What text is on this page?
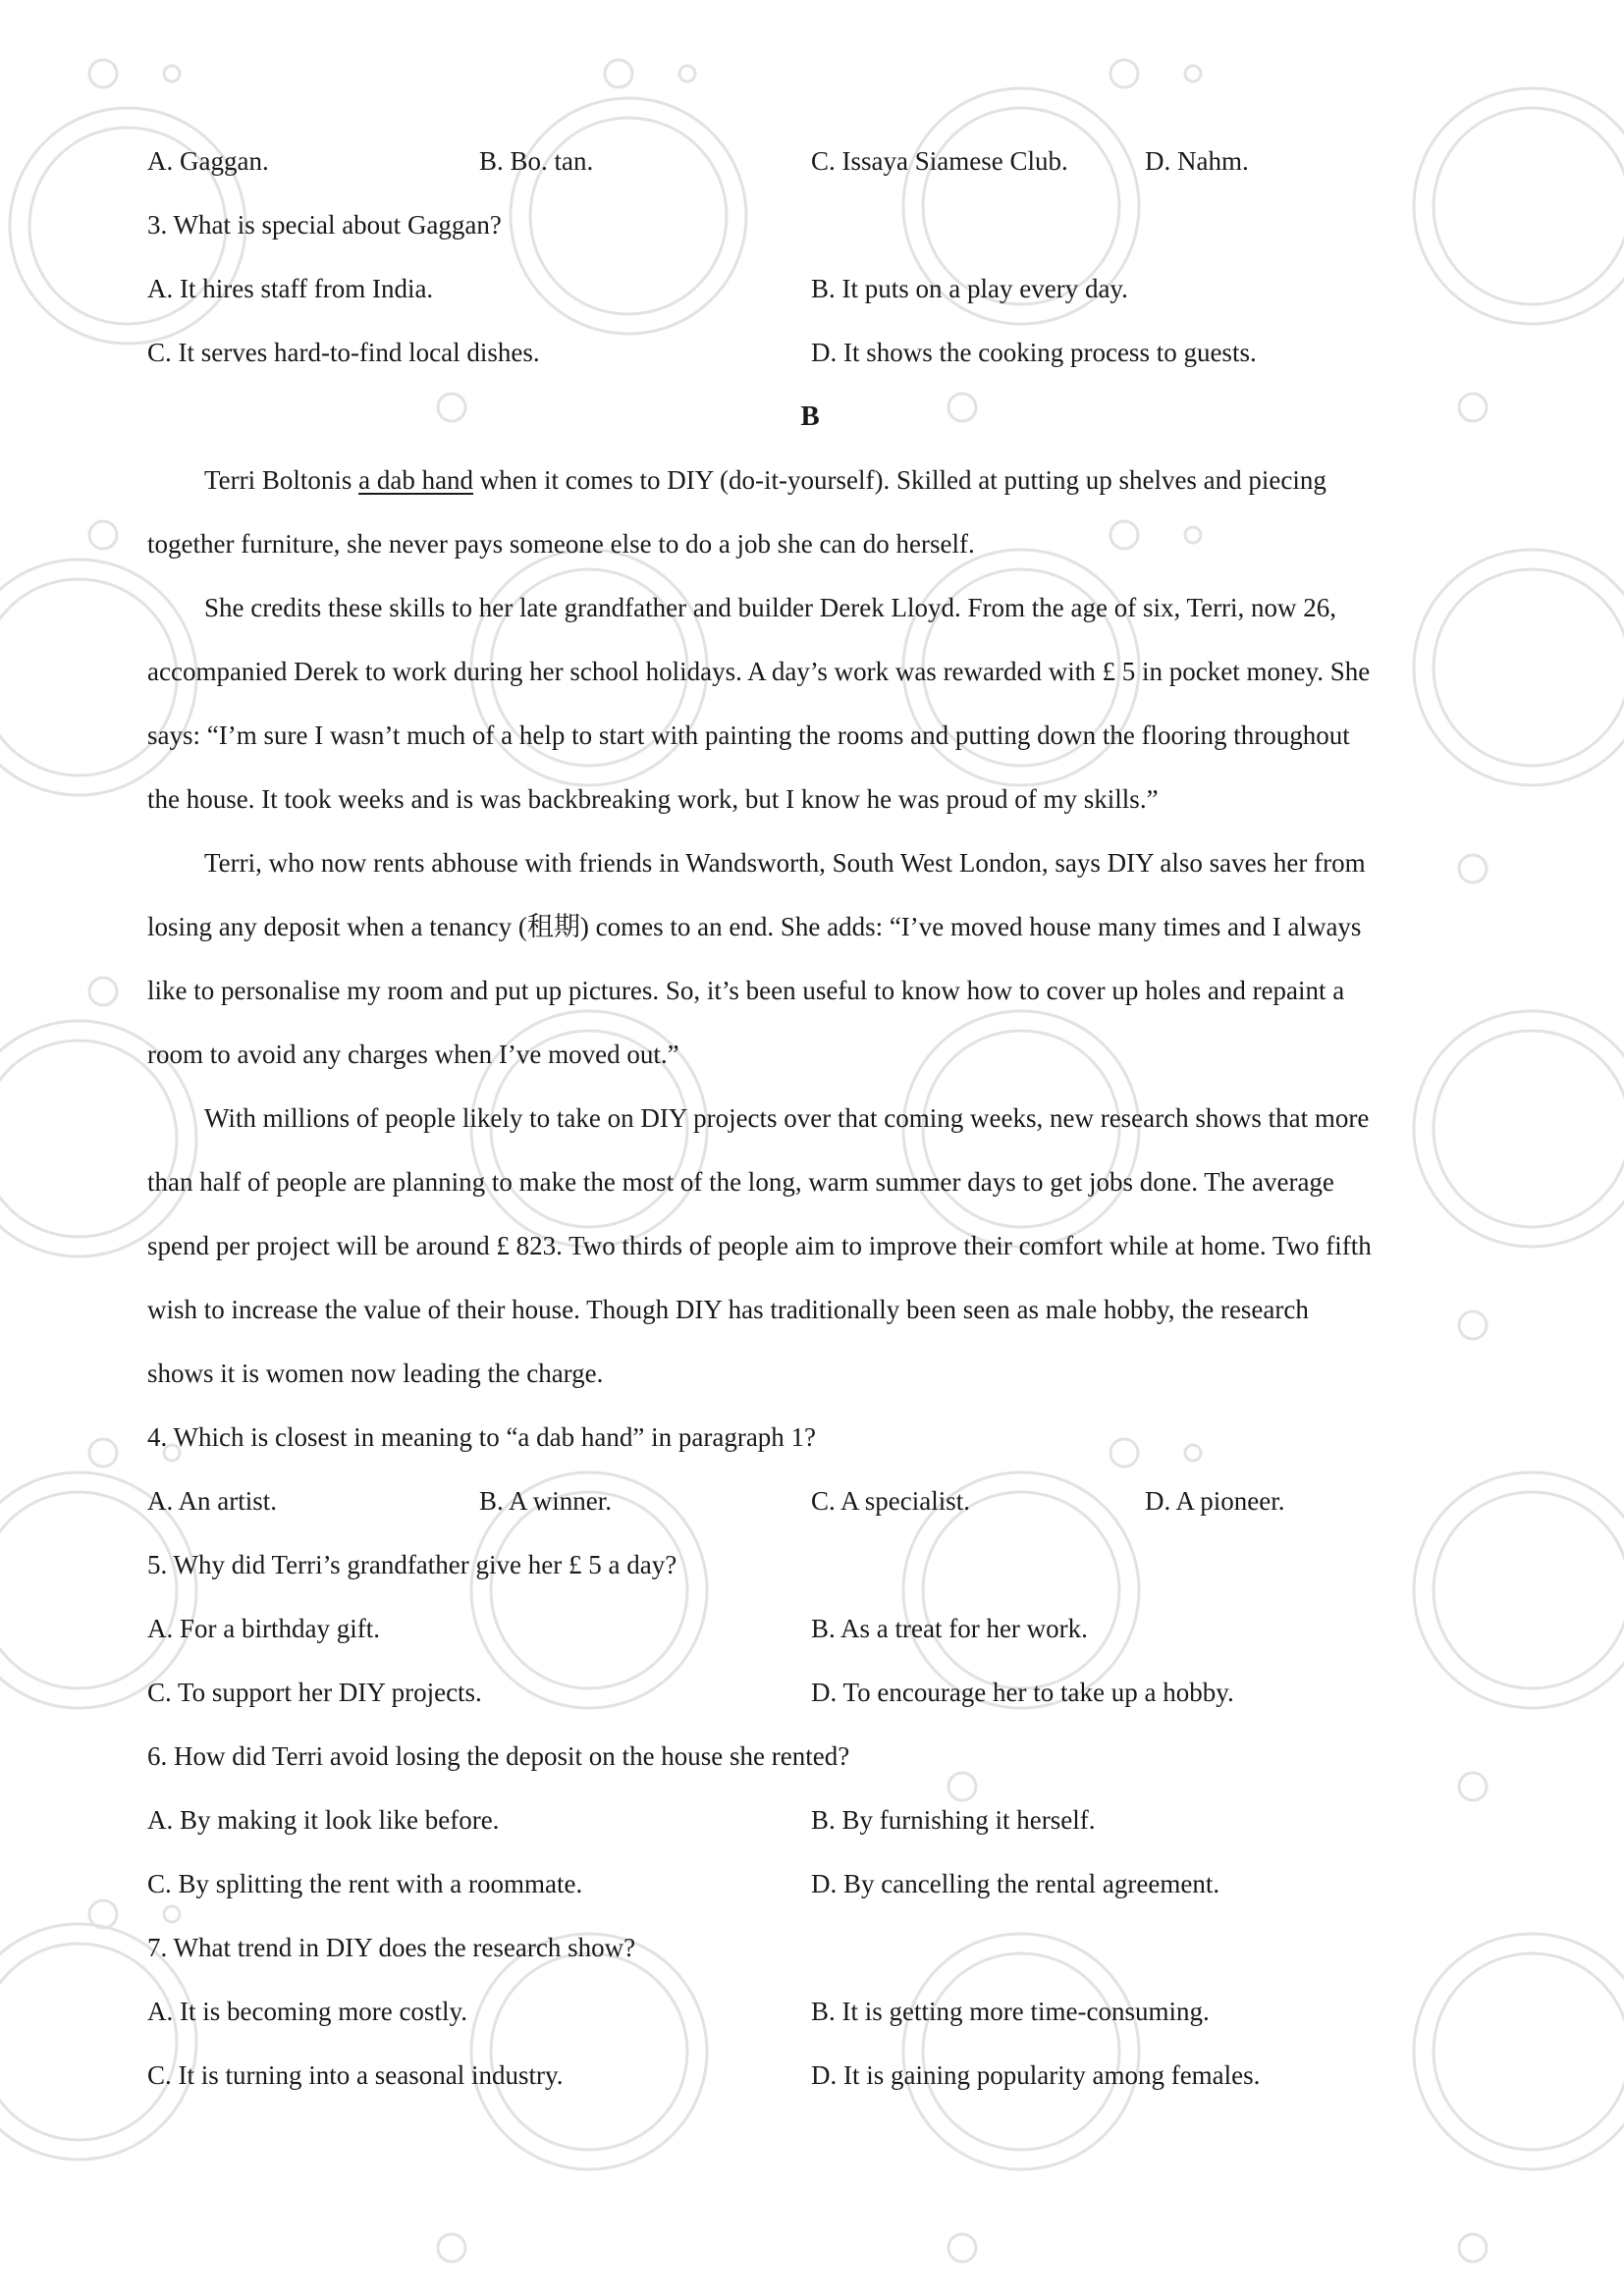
A. Gaggan.	B. Bo. tan.	C. Issaya Siamese Club.	D. Nahm.
3. What is special about Gaggan?
A. It hires staff from India.	B. It puts on a play every day.
C. It serves hard-to-find local dishes.	D. It shows the cooking process to guests.
B
Terri Boltonis a dab hand when it comes to DIY (do-it-yourself). Skilled at putting up shelves and piecing
together furniture, she never pays someone else to do a job she can do herself.
She credits these skills to her late grandfather and builder Derek Lloyd. From the age of six, Terri, now 26,
accompanied Derek to work during her school holidays. A day’s work was rewarded with £ 5 in pocket money. She
says: “I’m sure I wasn’t much of a help to start with painting the rooms and putting down the flooring throughout
the house. It took weeks and is was backbreaking work, but I know he was proud of my skills.”
Terri, who now rents abhouse with friends in Wandsworth, South West London, says DIY also saves her from
losing any deposit when a tenancy (租期) comes to an end. She adds: “I’ve moved house many times and I always
like to personalise my room and put up pictures. So, it’s been useful to know how to cover up holes and repaint a
room to avoid any charges when I’ve moved out.”
With millions of people likely to take on DIY projects over that coming weeks, new research shows that more
than half of people are planning to make the most of the long, warm summer days to get jobs done. The average
spend per project will be around £ 823. Two thirds of people aim to improve their comfort while at home. Two fifth
wish to increase the value of their house. Though DIY has traditionally been seen as male hobby, the research
shows it is women now leading the charge.
4. Which is closest in meaning to “a dab hand” in paragraph 1?
A. An artist.	B. A winner.	C. A specialist.	D. A pioneer.
5. Why did Terri’s grandfather give her £ 5 a day?
A. For a birthday gift.	B. As a treat for her work.
C. To support her DIY projects.	D. To encourage her to take up a hobby.
6. How did Terri avoid losing the deposit on the house she rented?
A. By making it look like before.	B. By furnishing it herself.
C. By splitting the rent with a roommate.	D. By cancelling the rental agreement.
7. What trend in DIY does the research show?
A. It is becoming more costly.	B. It is getting more time-consuming.
C. It is turning into a seasonal industry.	D. It is gaining popularity among females.
